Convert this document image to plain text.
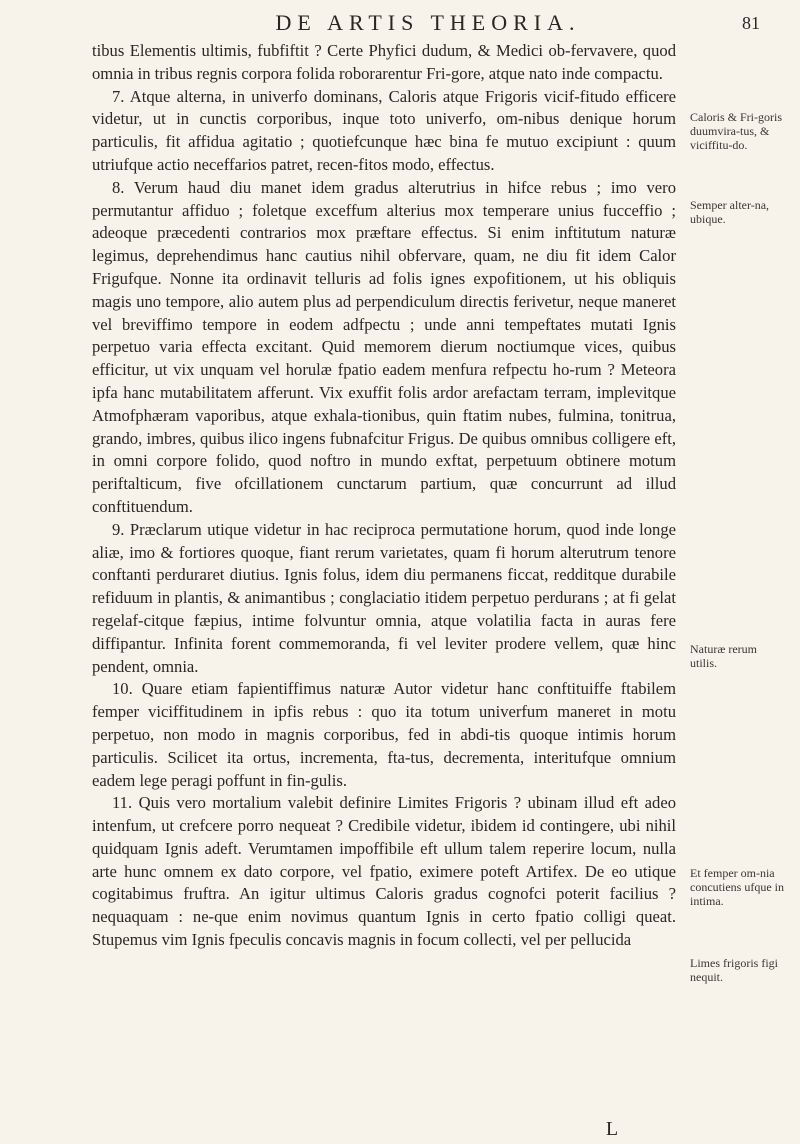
DE ARTIS THEORIA.	81

tibus Elementis ultimis, fubfiftit ? Certe Phyfici dudum, & Medici ob-fervavere, quod omnia in tribus regnis corpora folida roborarentur Fri-gore, atque nato inde compactu.

7. Atque alterna, in univerfo dominans, Caloris atque Frigoris vicif-fitudo efficere videtur, ut in cunctis corporibus, inque toto univerfo, om-nibus denique horum particulis, fit affidua agitatio ; quotiefcunque hæc bina fe mutuo excipiunt : quum utriufque actio neceffarios patret, recen-fitos modo, effectus.

8. Verum haud diu manet idem gradus alterutrius in hifce rebus ; imo vero permutantur affiduo ; foletque exceffum alterius mox temperare unius fucceffio ; adeoque præcedenti contrarios mox præftare effectus. Si enim inftitutum naturæ legimus, deprehendimus hanc cautius nihil obfervare, quam, ne diu fit idem Calor Frigufque. Nonne ita ordinavit telluris ad folis ignes expofitionem, ut his obliquis magis uno tempore, alio autem plus ad perpendiculum directis ferivetur, neque maneret vel breviffimo tempore in eodem adfpectu ; unde anni tempeftates mutati Ignis perpetuo varia effecta excitant. Quid memorem dierum noctiumque vices, quibus efficitur, ut vix unquam vel horulæ fpatio eadem menfura refpectu ho-rum ? Meteora ipfa hanc mutabilitatem afferunt. Vix exuffit folis ardor arefactam terram, implevitque Atmofphæram vaporibus, atque exhala-tionibus, quin ftatim nubes, fulmina, tonitrua, grando, imbres, quibus ilico ingens fubnafcitur Frigus. De quibus omnibus colligere eft, in omni corpore folido, quod noftro in mundo exftat, perpetuum obtinere motum periftalticum, five ofcillationem cunctarum partium, quæ concurrunt ad illud conftituendum.

9. Præclarum utique videtur in hac reciproca permutatione horum, quod inde longe aliæ, imo & fortiores quoque, fiant rerum varietates, quam fi horum alterutrum tenore conftanti perduraret diutius. Ignis folus, idem diu permanens ficcat, redditque durabile refiduum in plantis, & animantibus ; conglaciatio itidem perpetuo perdurans ; at fi gelat regelaf-citque fæpius, intime folvuntur omnia, atque volatilia facta in auras fere diffipantur. Infinita forent commemoranda, fi vel leviter prodere vellem, quæ hinc pendent, omnia.

10. Quare etiam fapientiffimus naturæ Autor videtur hanc conftituiffe ftabilem femper viciffitudinem in ipfis rebus : quo ita totum univerfum maneret in motu perpetuo, non modo in magnis corporibus, fed in abdi-tis quoque intimis horum particulis. Scilicet ita ortus, incrementa, fta-tus, decrementa, interitufque omnium eadem lege peragi poffunt in fin-gulis.

11. Quis vero mortalium valebit definire Limites Frigoris ? ubinam illud eft adeo intenfum, ut crefcere porro nequeat ? Credibile videtur, ibidem id contingere, ubi nihil quidquam Ignis adeft. Verumtamen impoffibile eft ullum talem reperire locum, nulla arte hunc omnem ex dato corpore, vel fpatio, eximere poteft Artifex. De eo utique cogitabimus fruftra. An igitur ultimus Caloris gradus cognofci poterit facilius ? nequaquam : ne-que enim novimus quantum Ignis in certo fpatio colligi queat. Stupemus vim Ignis fpeculis concavis magnis in focum collecti, vel per pellucida

Caloris & Fri-goris duumvira-tus, & viciffitu-do.
Semper alter-na, ubique.
Naturæ rerum utilis.
Et femper om-nia concutiens ufque in intima.
Limes frigoris figi nequit.
L
